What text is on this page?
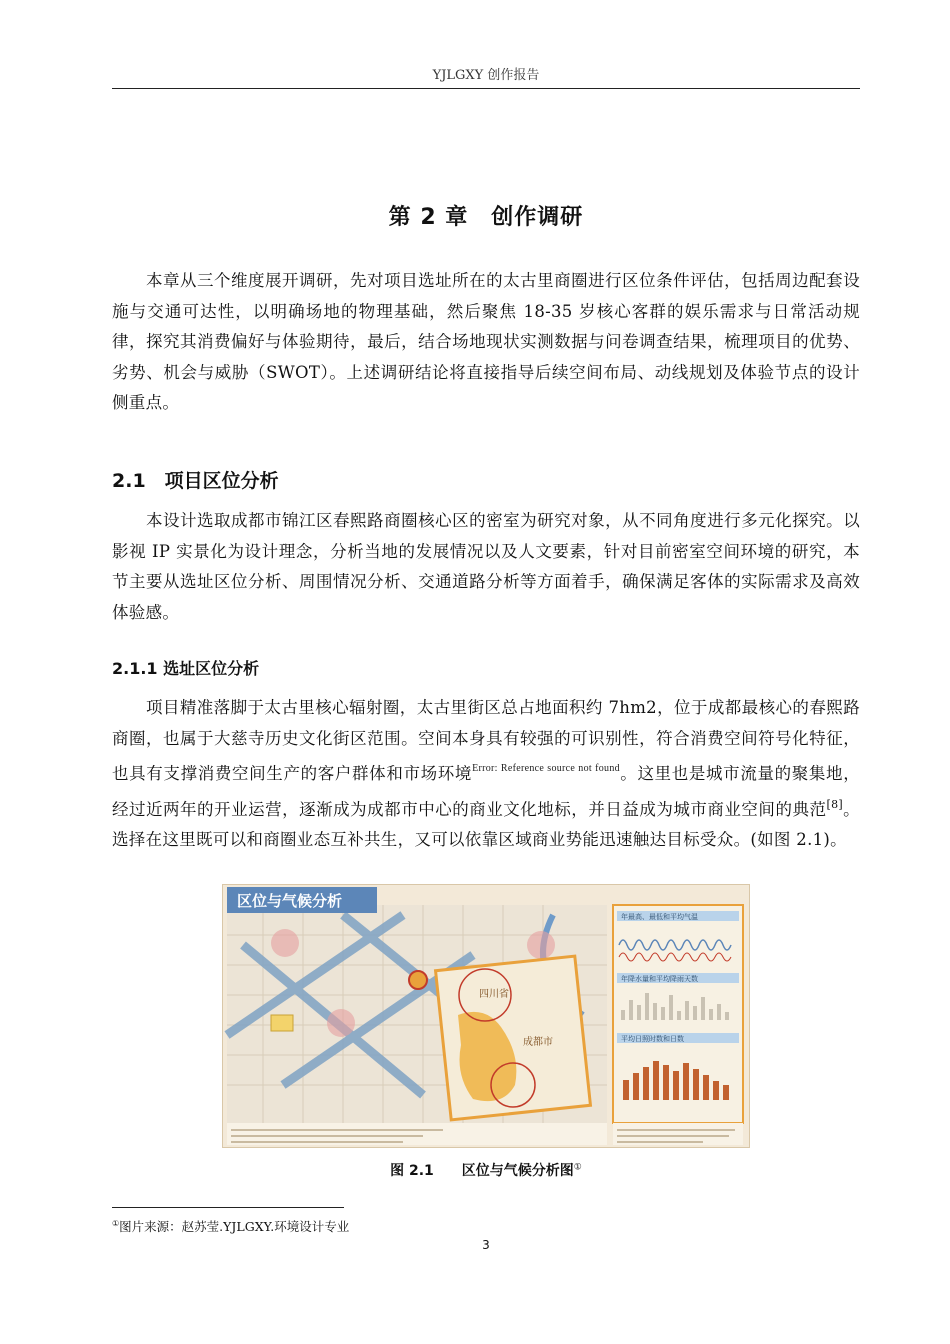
YJLGXY 创作报告
第 2 章　创作调研
本章从三个维度展开调研，先对项目选址所在的太古里商圈进行区位条件评估，包括周边配套设施与交通可达性，以明确场地的物理基础，然后聚焦 18-35 岁核心客群的娱乐需求与日常活动规律，探究其消费偏好与体验期待，最后，结合场地现状实测数据与问卷调查结果，梳理项目的优势、劣势、机会与威胁（SWOT）。上述调研结论将直接指导后续空间布局、动线规划及体验节点的设计侧重点。
2.1　项目区位分析
本设计选取成都市锦江区春熙路商圈核心区的密室为研究对象，从不同角度进行多元化探究。以影视 IP 实景化为设计理念，分析当地的发展情况以及人文要素，针对目前密室空间环境的研究，本节主要从选址区位分析、周围情况分析、交通道路分析等方面着手，确保满足客体的实际需求及高效体验感。
2.1.1 选址区位分析
项目精准落脚于太古里核心辐射圈，太古里街区总占地面积约 7hm2，位于成都最核心的春熙路商圈，也属于大慈寺历史文化街区范围。空间本身具有较强的可识别性，符合消费空间符号化特征，也具有支撑消费空间生产的客户群体和市场环境$^{Error: Reference source not found}$。这里也是城市流量的聚集地，经过近两年的开业运营，逐渐成为成都市中心的商业文化地标，并日益成为城市商业空间的典范[8]。选择在这里既可以和商圈业态互补共生，又可以依靠区域商业势能迅速触达目标受众。(如图 2.1)。
四川省
成都市
区位与气候分析
年最高、最低和平均气温
年降水量和平均降雨天数
平均日照时数和日数
图 2.1　　区位与气候分析图①
①图片来源：赵苏莹.YJLGXY.环境设计专业
3
